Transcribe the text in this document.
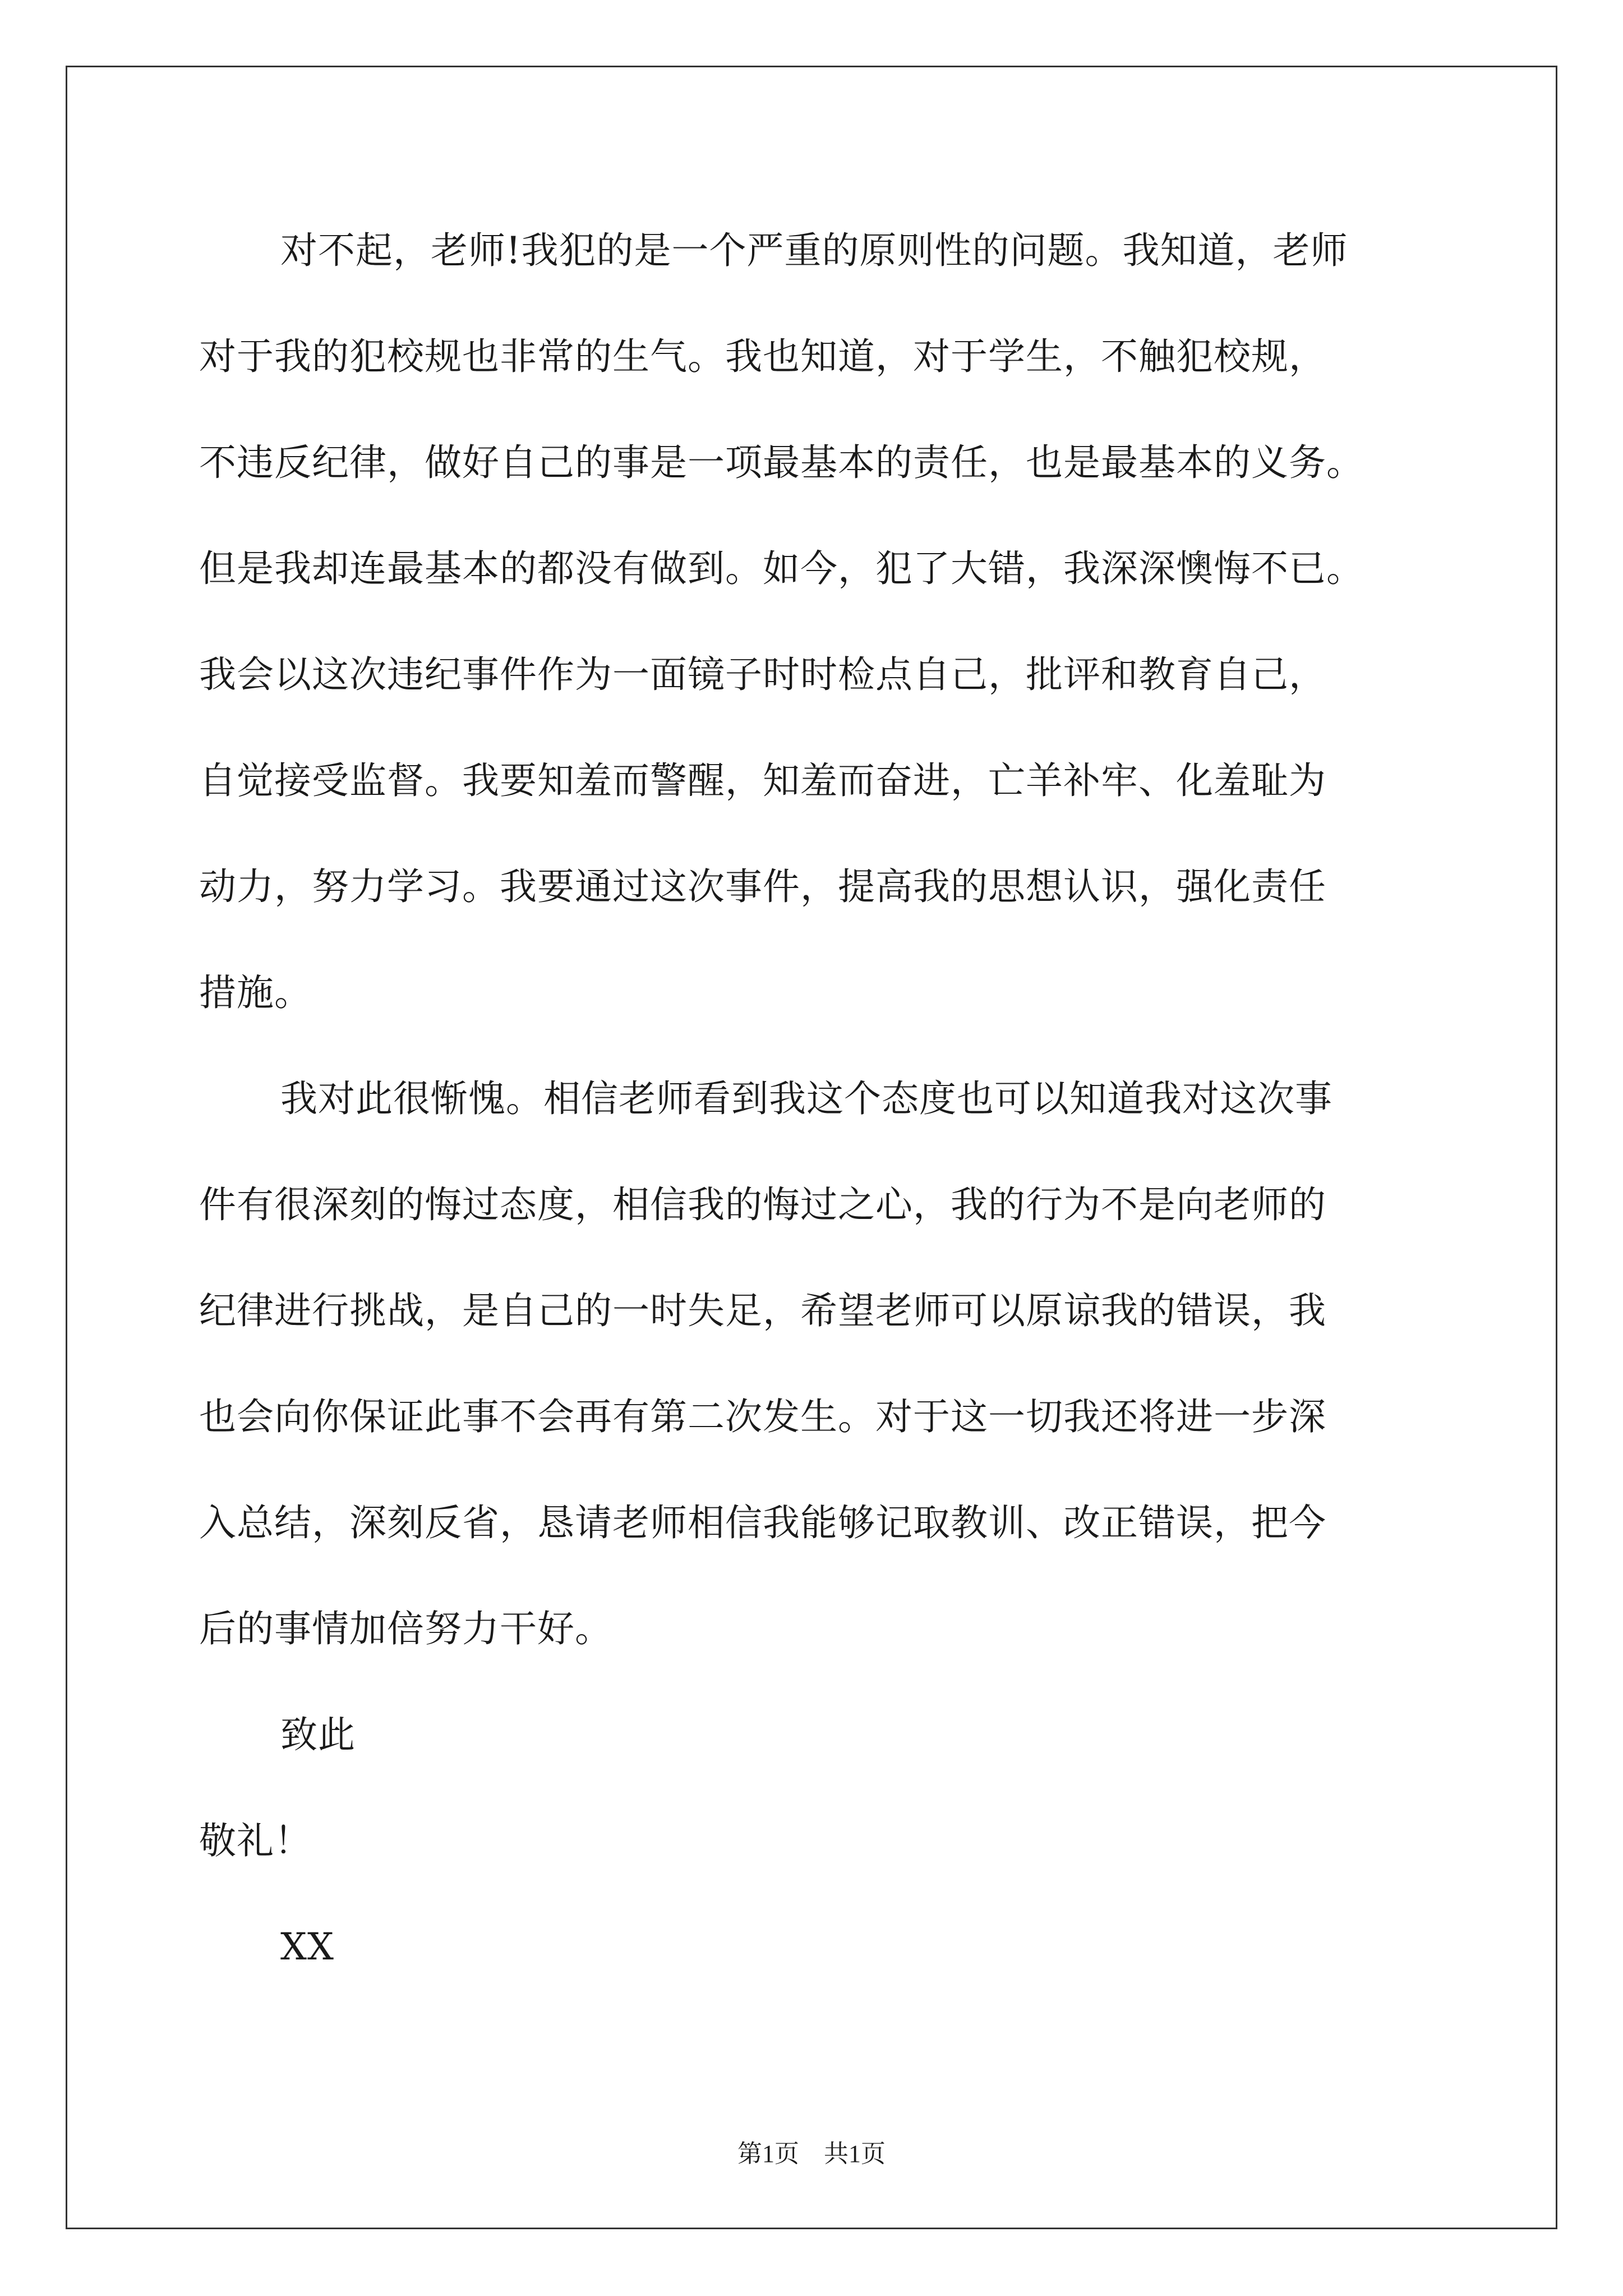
对不起，老师!我犯的是一个严重的原则性的问题。我知道，老师
对于我的犯校规也非常的生气。我也知道，对于学生，不触犯校规，
不违反纪律，做好自己的事是一项最基本的责任，也是最基本的义务。
但是我却连最基本的都没有做到。如今，犯了大错，我深深懊悔不已。
我会以这次违纪事件作为一面镜子时时检点自己，批评和教育自己，
自觉接受监督。我要知羞而警醒，知羞而奋进，亡羊补牢、化羞耻为
动力，努力学习。我要通过这次事件，提高我的思想认识，强化责任
措施。
我对此很惭愧。相信老师看到我这个态度也可以知道我对这次事
件有很深刻的悔过态度，相信我的悔过之心，我的行为不是向老师的
纪律进行挑战，是自己的一时失足，希望老师可以原谅我的错误，我
也会向你保证此事不会再有第二次发生。对于这一切我还将进一步深
入总结，深刻反省，恳请老师相信我能够记取教训、改正错误，把今
后的事情加倍努力干好。
致此
敬礼！
XX
第1页　共1页
